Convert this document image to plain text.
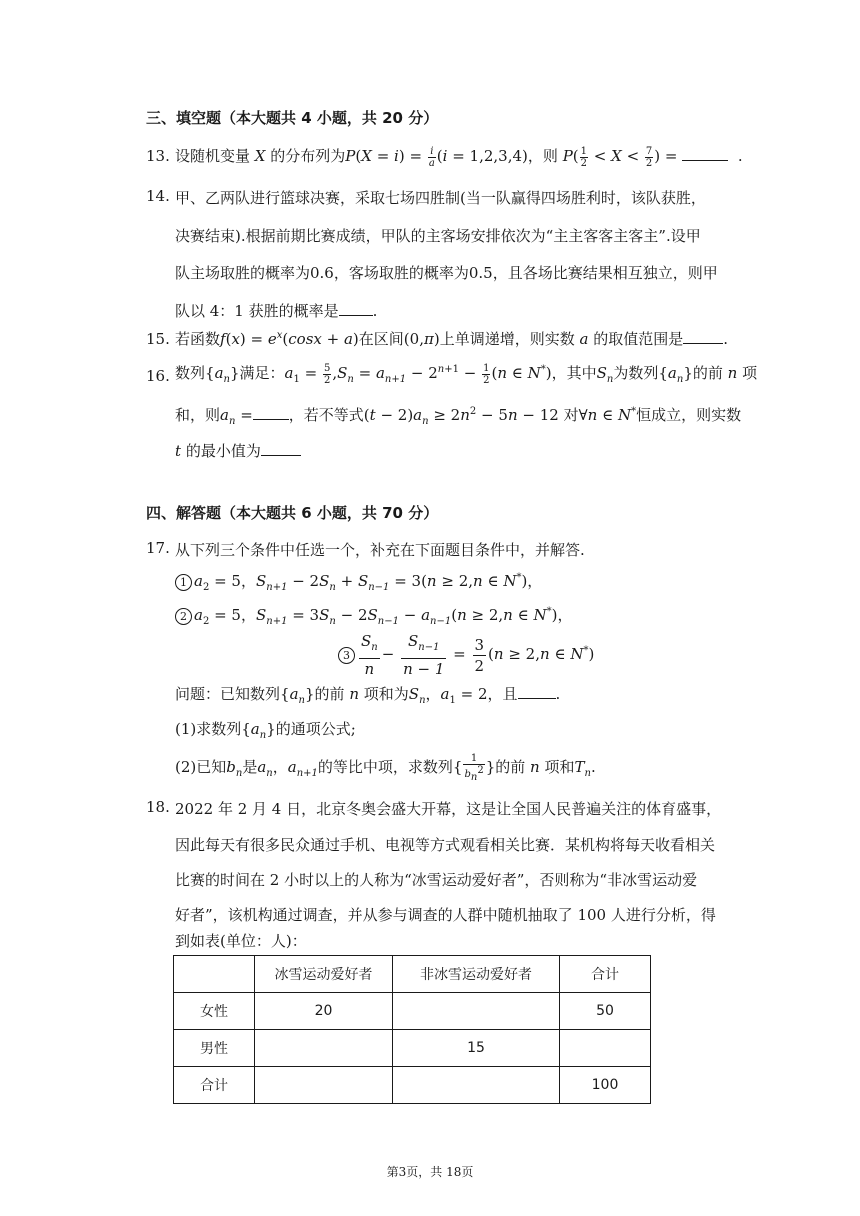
三、填空题（本大题共 4 小题，共 20 分）
13. 设随机变量 X 的分布列为$P(X = i) = \frac{i}{a} (i = 1,2,3,4)$，则 $P( \frac{1}{2} < X < \frac{7}{2}$ ) =	.
14. 甲、乙两队进行篮球决赛，采取七场四胜制(当一队赢得四场胜利时，该队获胜，
决赛结束).根据前期比赛成绩，甲队的主客场安排依次为“主主客客主客主”.设甲
队主场取胜的概率为0.6，客场取胜的概率为0.5，且各场比赛结果相互独立，则甲
队以 4：1 获胜的概率是 .
15. 若函数$f(x) = e^x(\cos x + a)$在区间(0,π)上单调递增，则实数 a 的取值范围是	.
16. 数列$\{a_n\}$满足：$a_1 = \frac{5}{2} ,S_n = a_{n+1} - 2^{n+1} - \frac{1}{2} (n$ ∈ N*)，其中$S_n$为数列$\{a_n\}$的前 n 项
和，则$a_n$ = ，若不等式$(t - 2)a_n \ge 2n^2 - 5n - 12$ 对∀n ∈ N*恒成立，则实数
t 的最小值为
四、解答题（本大题共 6 小题，共 70 分）
17. 从下列三个条件中任选一个，补充在下面题目条件中，并解答.
1 $a_2 = 5$，$S_{n+1} - 2S_n + S_{n-1} = 3(n \ge 2,n$ ∈ N*)，
2 $a_2 = 5$，$S_{n+1} = 3S_n - 2S_{n-1} - a_{n-1}(n \ge 2,n$ ∈ N*)，
$3 \frac{S_n}{n} - \frac{S_{n-1}}{n - 1} = \frac{3}{2} (n \ge 2,n$ ∈ N*)
问题：已知数列$\{a_n\}$的前 n 项和为$S_n$，$a_1 = 2$，且	.
(1)求数列$\{a_n\}$的通项公式;
(2)已知$b_n$是$a_n$，$a_{n+1}$的等比中项，求数列{ $\frac{1}{b_n^2}$ }的前 n 项和$T_n$.
18. 2022 年 2 月 4 日，北京冬奥会盛大开幕，这是让全国人民普遍关注的体育盛事，
因此每天有很多民众通过手机、电视等方式观看相关比赛．某机构将每天收看相关
比赛的时间在 2 小时以上的人称为“冰雪运动爱好者”，否则称为“非冰雪运动爱
好者”，该机构通过调查，并从参与调查的人群中随机抽取了 100 人进行分析，得
到如表(单位：人)：
	冰雪运动爱好者	非冰雪运动爱好者	合计
女性	20		50
男性		15	
合计			100
第3页，共 18页
